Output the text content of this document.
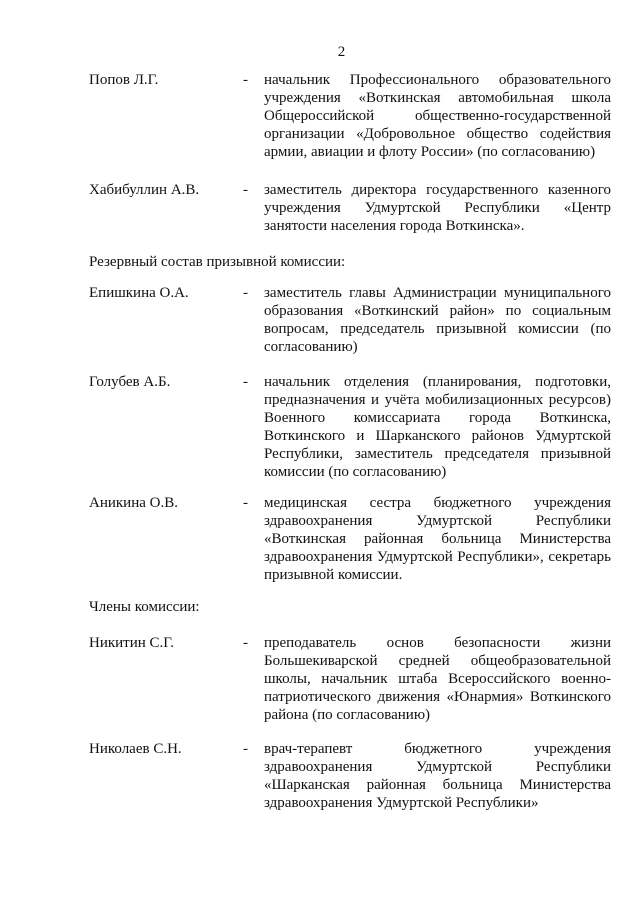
2
Попов Л.Г.	- начальник Профессионального образовательного учреждения «Воткинская автомобильная школа Общероссийской общественно-государственной организации «Добровольное общество содействия армии, авиации и флоту России» (по согласованию)
Хабибуллин А.В.	- заместитель директора государственного казенного учреждения Удмуртской Республики «Центр занятости населения города Воткинска».
Резервный состав призывной комиссии:
Епишкина О.А.	- заместитель главы Администрации муниципального образования «Воткинский район» по социальным вопросам, председатель призывной комиссии (по согласованию)
Голубев А.Б.	- начальник отделения (планирования, подготовки, предназначения и учёта мобилизационных ресурсов) Военного комиссариата города Воткинска, Воткинского и Шарканского районов Удмуртской Республики, заместитель председателя призывной комиссии (по согласованию)
Аникина О.В.	- медицинская сестра бюджетного учреждения здравоохранения Удмуртской Республики «Воткинская районная больница Министерства здравоохранения Удмуртской Республики», секретарь призывной комиссии.
Члены комиссии:
Никитин С.Г.	- преподаватель основ безопасности жизни Большекиварской средней общеобразовательной школы, начальник штаба Всероссийского военно-патриотического движения «Юнармия» Воткинского района (по согласованию)
Николаев С.Н.	- врач-терапевт бюджетного учреждения здравоохранения Удмуртской Республики «Шарканская районная больница Министерства здравоохранения Удмуртской Республики»
